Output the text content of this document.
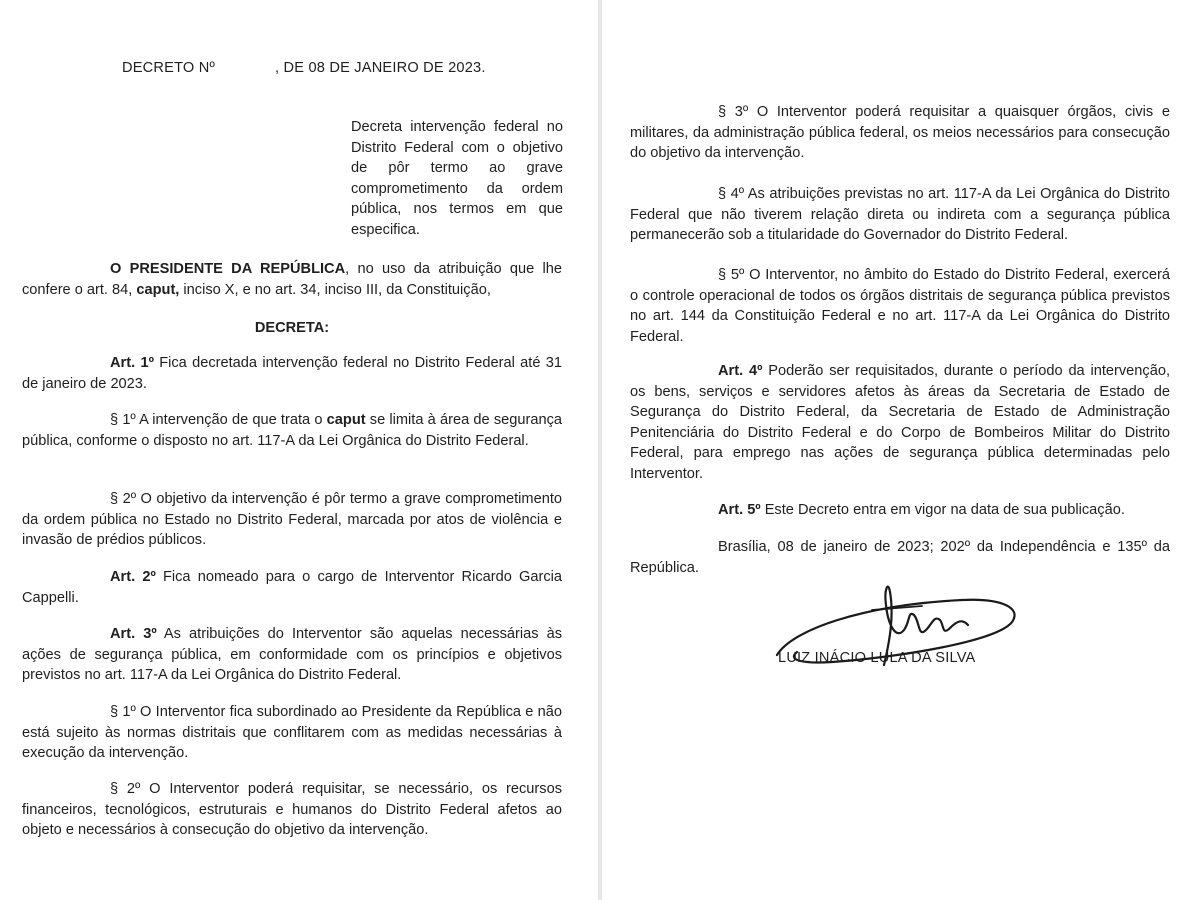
DECRETO Nº	, DE 08 DE JANEIRO DE 2023.
Decreta intervenção federal no Distrito Federal com o objetivo de pôr termo ao grave comprometimento da ordem pública, nos termos em que especifica.

O PRESIDENTE DA REPÚBLICA, no uso da atribuição que lhe confere o art. 84, caput, inciso X, e no art. 34, inciso III, da Constituição,

DECRETA:

Art. 1º Fica decretada intervenção federal no Distrito Federal até 31 de janeiro de 2023.

§ 1º A intervenção de que trata o caput se limita à área de segurança pública, conforme o disposto no art. 117-A da Lei Orgânica do Distrito Federal.

§ 2º O objetivo da intervenção é pôr termo a grave comprometimento da ordem pública no Estado no Distrito Federal, marcada por atos de violência e invasão de prédios públicos.

Art. 2º Fica nomeado para o cargo de Interventor Ricardo Garcia Cappelli.

Art. 3º As atribuições do Interventor são aquelas necessárias às ações de segurança pública, em conformidade com os princípios e objetivos previstos no art. 117-A da Lei Orgânica do Distrito Federal.

§ 1º O Interventor fica subordinado ao Presidente da República e não está sujeito às normas distritais que conflitarem com as medidas necessárias à execução da intervenção.

§ 2º O Interventor poderá requisitar, se necessário, os recursos financeiros, tecnológicos, estruturais e humanos do Distrito Federal afetos ao objeto e necessários à consecução do objetivo da intervenção.

§ 3º O Interventor poderá requisitar a quaisquer órgãos, civis e militares, da administração pública federal, os meios necessários para consecução do objetivo da intervenção.

§ 4º As atribuições previstas no art. 117-A da Lei Orgânica do Distrito Federal que não tiverem relação direta ou indireta com a segurança pública permanecerão sob a titularidade do Governador do Distrito Federal.

§ 5º O Interventor, no âmbito do Estado do Distrito Federal, exercerá o controle operacional de todos os órgãos distritais de segurança pública previstos no art. 144 da Constituição Federal e no art. 117-A da Lei Orgânica do Distrito Federal.

Art. 4º Poderão ser requisitados, durante o período da intervenção, os bens, serviços e servidores afetos às áreas da Secretaria de Estado de Segurança do Distrito Federal, da Secretaria de Estado de Administração Penitenciária do Distrito Federal e do Corpo de Bombeiros Militar do Distrito Federal, para emprego nas ações de segurança pública determinadas pelo Interventor.

Art. 5º Este Decreto entra em vigor na data de sua publicação.

Brasília, 08 de janeiro de 2023; 202º da Independência e 135º da República.

LUIZ INÁCIO LULA DA SILVA
